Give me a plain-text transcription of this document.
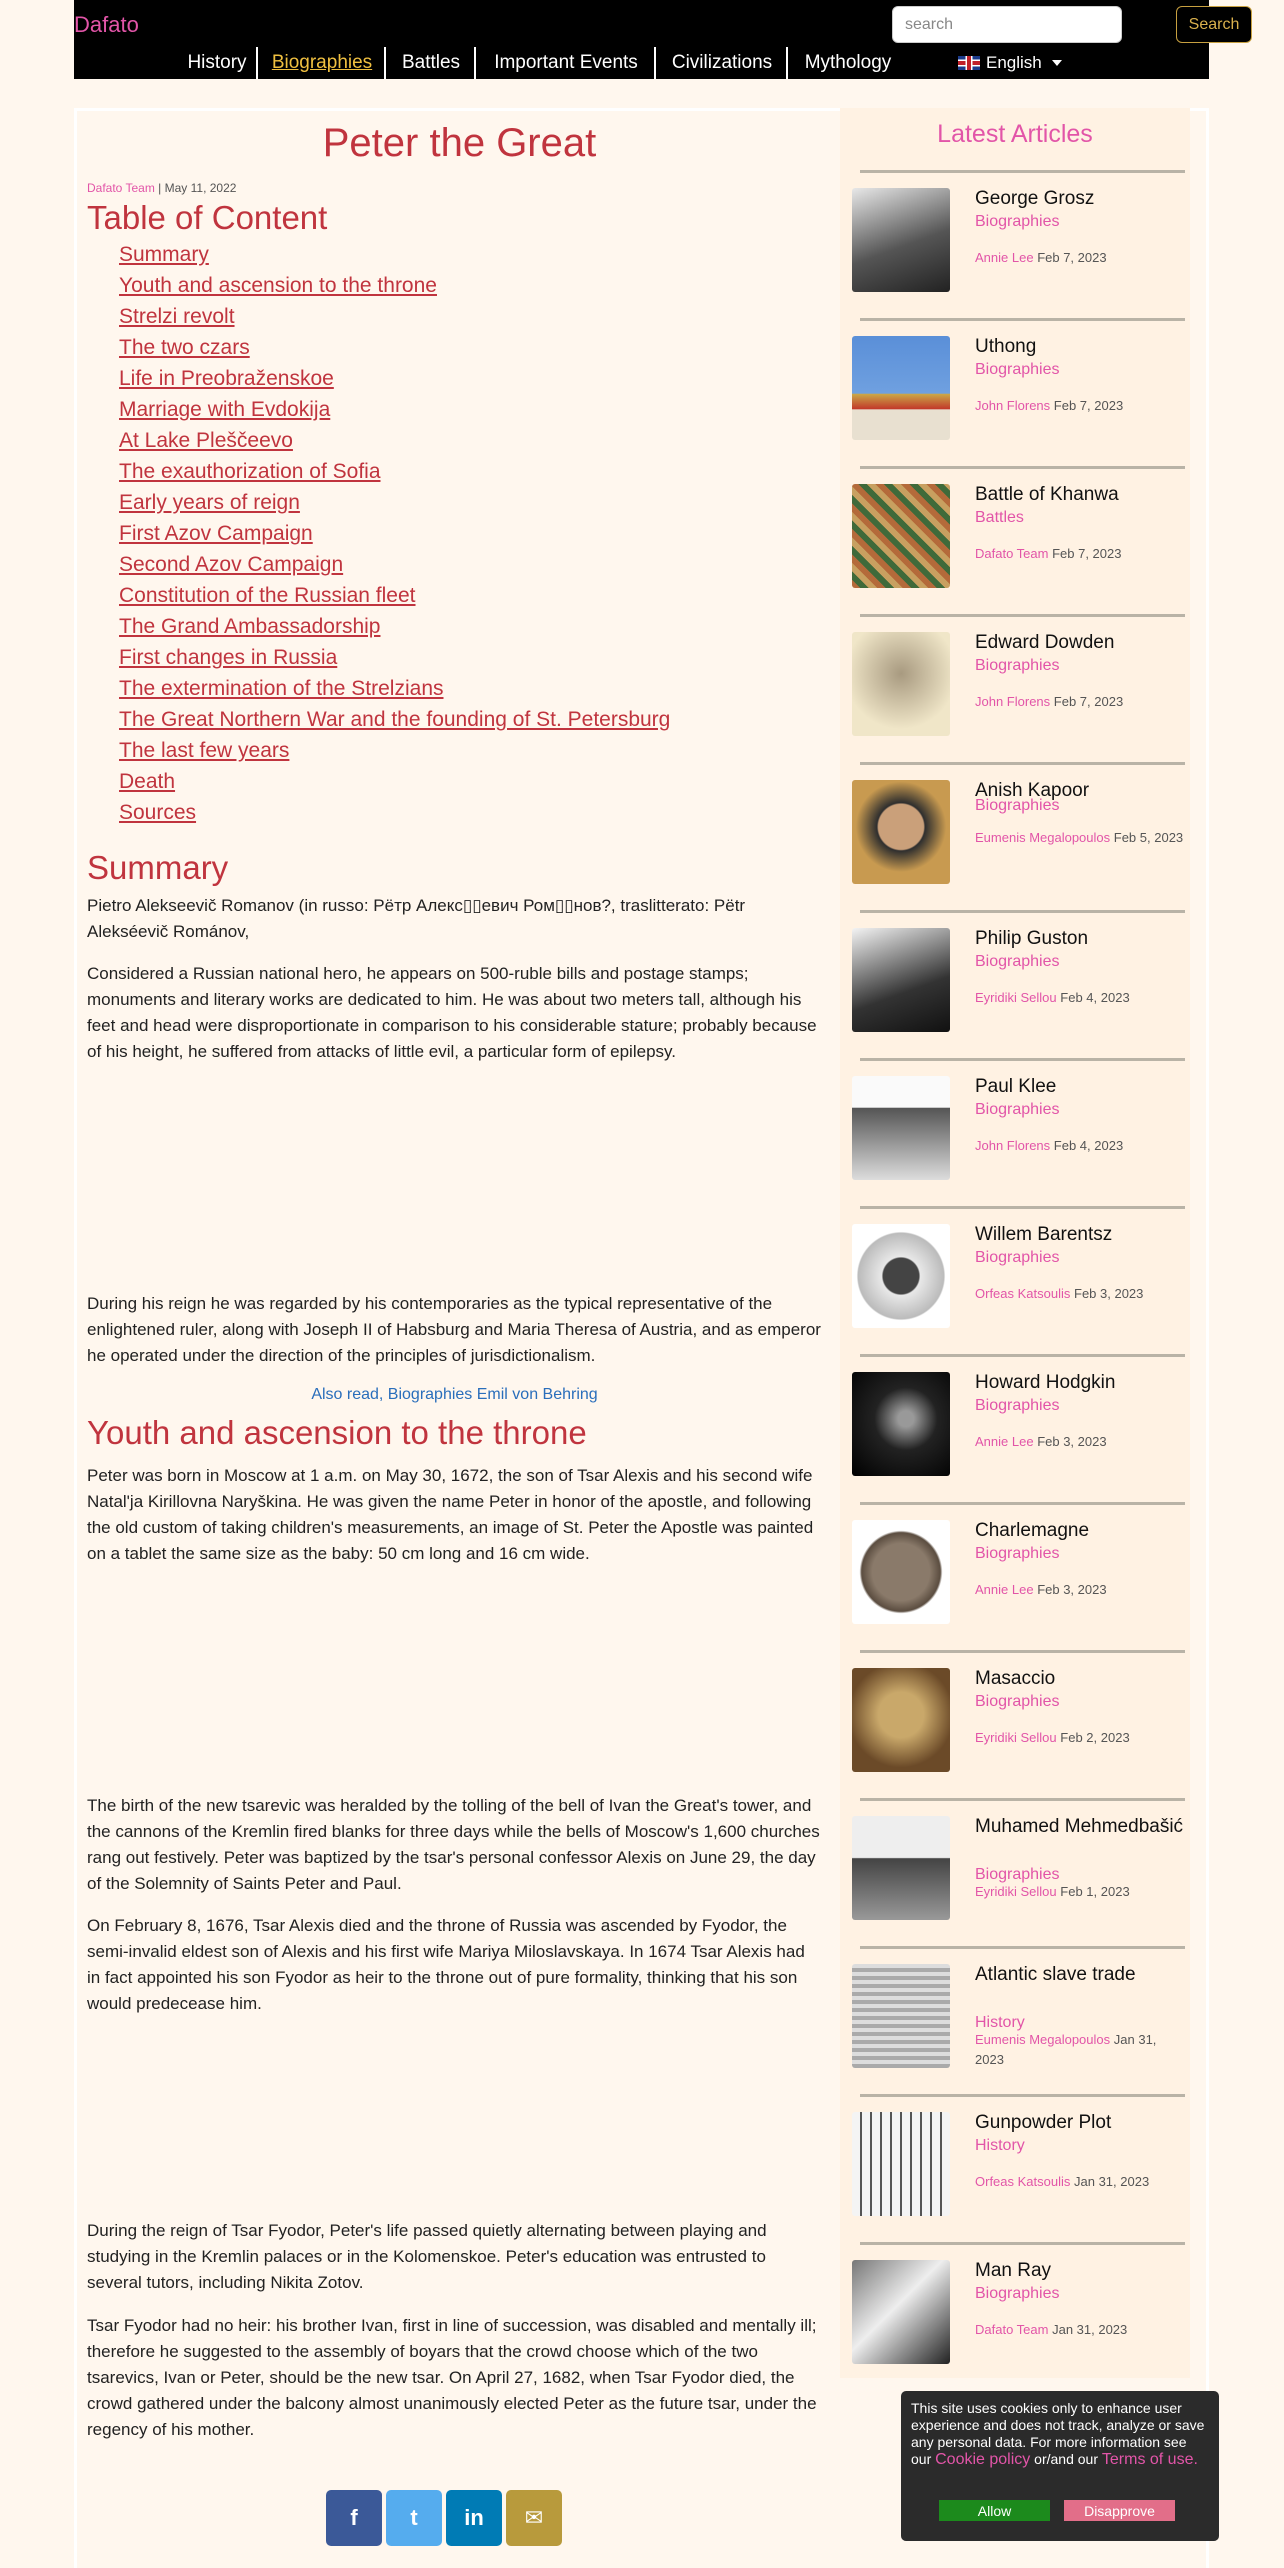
Dafato
search	Search
History	Biographies	Battles	Important Events	Civilizations	Mythology	English
Peter the Great
Dafato Team | May 11, 2022
Table of Content
Summary
Youth and ascension to the throne
Strelzi revolt
The two czars
Life in Preobraženskoe
Marriage with Evdokija
At Lake Pleščeevo
The exauthorization of Sofia
Early years of reign
First Azov Campaign
Second Azov Campaign
Constitution of the Russian fleet
The Grand Ambassadorship
First changes in Russia
The extermination of the Strelzians
The Great Northern War and the founding of St. Petersburg
The last few years
Death
Sources
Summary

Pietro Alekseevič Romanov (in russo: Pëтр Алекс▯▯евич Ром▯▯нов?, traslitterato: Pëtr Alekséevič Románov,

Considered a Russian national hero, he appears on 500-ruble bills and postage stamps; monuments and literary works are dedicated to him. He was about two meters tall, although his feet and head were disproportionate in comparison to his considerable stature; probably because of his height, he suffered from attacks of little evil, a particular form of epilepsy.

During his reign he was regarded by his contemporaries as the typical representative of the enlightened ruler, along with Joseph II of Habsburg and Maria Theresa of Austria, and as emperor he operated under the direction of the principles of jurisdictionalism.

Also read, Biographies Emil von Behring
Youth and ascension to the throne

Peter was born in Moscow at 1 a.m. on May 30, 1672, the son of Tsar Alexis and his second wife Natal'ja Kirillovna Naryškina. He was given the name Peter in honor of the apostle, and following the old custom of taking children's measurements, an image of St. Peter the Apostle was painted on a tablet the same size as the baby: 50 cm long and 16 cm wide.

The birth of the new tsarevic was heralded by the tolling of the bell of Ivan the Great's tower, and the cannons of the Kremlin fired blanks for three days while the bells of Moscow's 1,600 churches rang out festively. Peter was baptized by the tsar's personal confessor Alexis on June 29, the day of the Solemnity of Saints Peter and Paul.

On February 8, 1676, Tsar Alexis died and the throne of Russia was ascended by Fyodor, the semi-invalid eldest son of Alexis and his first wife Mariya Miloslavskaya. In 1674 Tsar Alexis had in fact appointed his son Fyodor as heir to the throne out of pure formality, thinking that his son would predecease him.

During the reign of Tsar Fyodor, Peter's life passed quietly alternating between playing and studying in the Kremlin palaces or in the Kolomenskoe. Peter's education was entrusted to several tutors, including Nikita Zotov.

Tsar Fyodor had no heir: his brother Ivan, first in line of succession, was disabled and mentally ill; therefore he suggested to the assembly of boyars that the crowd choose which of the two tsarevics, Ivan or Peter, should be the new tsar. On April 27, 1682, when Tsar Fyodor died, the crowd gathered under the balcony almost unanimously elected Peter as the future tsar, under the regency of his mother.

f t in ✉
Latest Articles
George Grosz
Biographies
Annie Lee Feb 7, 2023
Uthong
Biographies
John Florens Feb 7, 2023
Battle of Khanwa
Battles
Dafato Team Feb 7, 2023
Edward Dowden
Biographies
John Florens Feb 7, 2023
Anish Kapoor
Biographies
Eumenis Megalopoulos Feb 5, 2023
Philip Guston
Biographies
Eyridiki Sellou Feb 4, 2023
Paul Klee
Biographies
John Florens Feb 4, 2023
Willem Barentsz
Biographies
Orfeas Katsoulis Feb 3, 2023
Howard Hodgkin
Biographies
Annie Lee Feb 3, 2023
Charlemagne
Biographies
Annie Lee Feb 3, 2023
Masaccio
Biographies
Eyridiki Sellou Feb 2, 2023
Muhamed Mehmedbašić
Biographies
Eyridiki Sellou Feb 1, 2023
Atlantic slave trade
History
Eumenis Megalopoulos Jan 31, 2023
Gunpowder Plot
History
Orfeas Katsoulis Jan 31, 2023
Man Ray
Biographies
Dafato Team Jan 31, 2023
This site uses cookies only to enhance user experience and does not track, analyze or save any personal data. For more information see our Cookie policy or/and our Terms of use.
Allow	Disapprove
